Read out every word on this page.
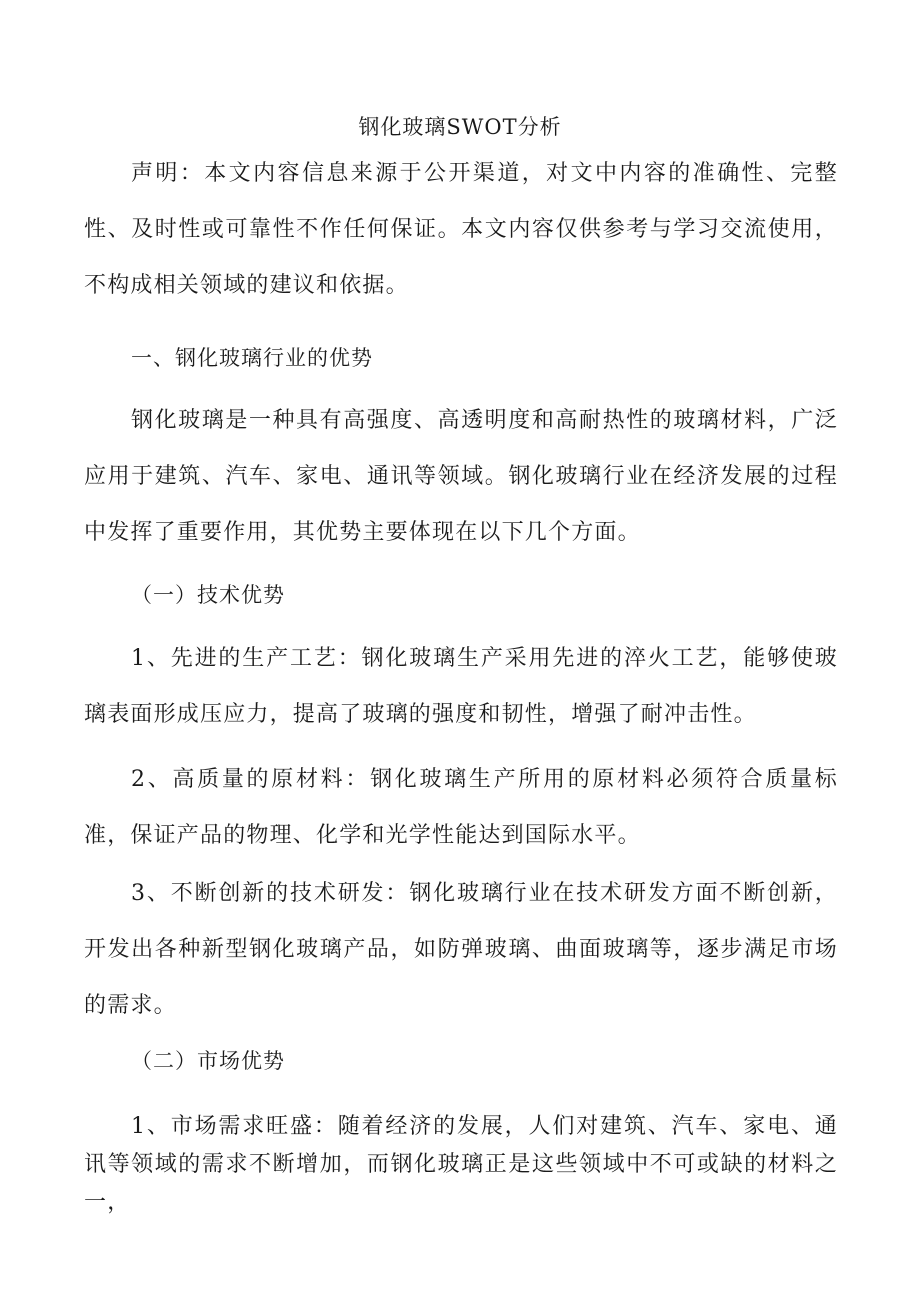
钢化玻璃SWOT分析

声明：本文内容信息来源于公开渠道，对文中内容的准确性、完整性、及时性或可靠性不作任何保证。本文内容仅供参考与学习交流使用，不构成相关领域的建议和依据。

一、钢化玻璃行业的优势

钢化玻璃是一种具有高强度、高透明度和高耐热性的玻璃材料，广泛应用于建筑、汽车、家电、通讯等领域。钢化玻璃行业在经济发展的过程中发挥了重要作用，其优势主要体现在以下几个方面。

（一）技术优势

1、先进的生产工艺：钢化玻璃生产采用先进的淬火工艺，能够使玻璃表面形成压应力，提高了玻璃的强度和韧性，增强了耐冲击性。

2、高质量的原材料：钢化玻璃生产所用的原材料必须符合质量标准，保证产品的物理、化学和光学性能达到国际水平。

3、不断创新的技术研发：钢化玻璃行业在技术研发方面不断创新，开发出各种新型钢化玻璃产品，如防弹玻璃、曲面玻璃等，逐步满足市场的需求。

（二）市场优势

1、市场需求旺盛：随着经济的发展，人们对建筑、汽车、家电、通讯等领域的需求不断增加，而钢化玻璃正是这些领域中不可或缺的材料之一，
